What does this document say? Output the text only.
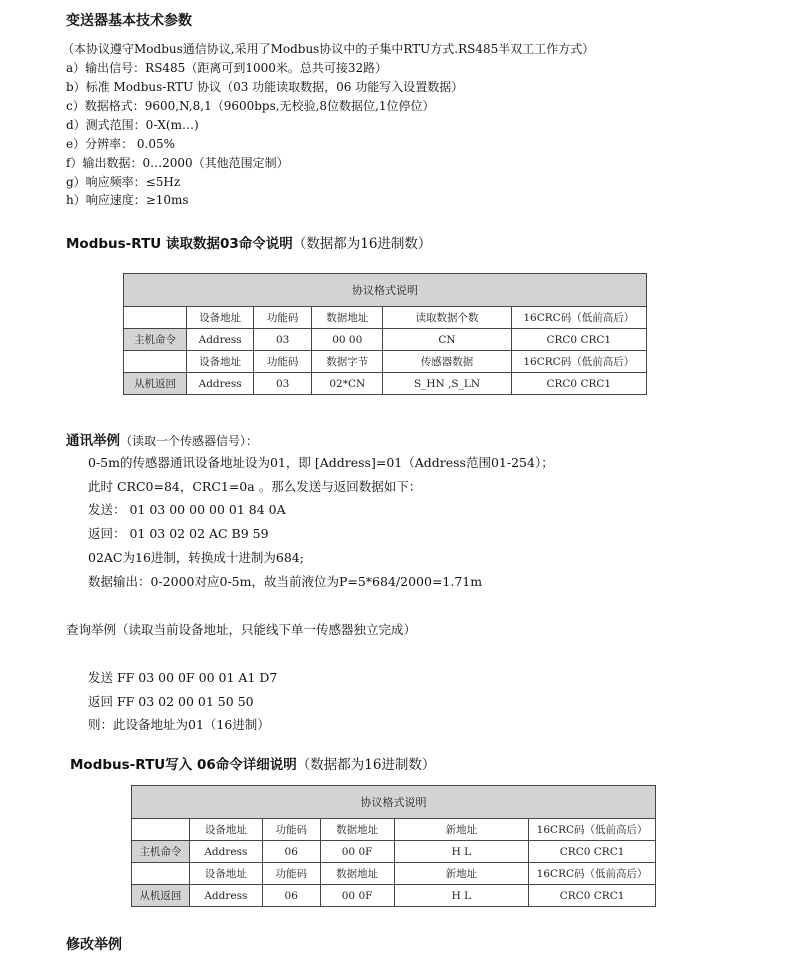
变送器基本技术参数
（本协议遵守Modbus通信协议,采用了Modbus协议中的子集中RTU方式.RS485半双工工作方式）
a）输出信号：RS485（距离可到1000米。总共可接32路）
b）标准 Modbus-RTU 协议（03 功能读取数据，06 功能写入设置数据）
c）数据格式：9600,N,8,1（9600bps,无校验,8位数据位,1位停位）
d）测式范围：0-X(m…)
e）分辨率： 0.05%
f）输出数据：0…2000（其他范围定制）
g）响应频率：≤5Hz
h）响应速度：≥10ms
Modbus-RTU 读取数据03命令说明（数据都为16进制数）
协议格式说明					
	设备地址	功能码	数据地址	读取数据个数	16CRC码（低前高后）
主机命令	Address	03	00 00	CN	CRC0 CRC1
	设备地址	功能码	数据字节	传感器数据	16CRC码（低前高后）
从机返回	Address	03	02*CN	S_HN ,S_LN	CRC0 CRC1
通讯举例（读取一个传感器信号）：
0-5m的传感器通讯设备地址设为01，即 [Address]=01（Address范围01-254）；
此时 CRC0=84，CRC1=0a 。那么发送与返回数据如下：
发送： 01 03 00 00 00 01 84 0A
返回： 01 03 02 02 AC B9 59
02AC为16进制，转换成十进制为684;
数据输出：0-2000对应0-5m，故当前液位为P=5*684/2000=1.71m
查询举例（读取当前设备地址，只能线下单一传感器独立完成）
发送 FF 03 00 0F 00 01 A1 D7
返回 FF 03 02 00 01 50 50
则：此设备地址为01（16进制）
Modbus-RTU写入 06命令详细说明（数据都为16进制数）
协议格式说明					
	设备地址	功能码	数据地址	新地址	16CRC码（低前高后）
主机命令	Address	06	00 0F	H L	CRC0 CRC1
	设备地址	功能码	数据地址	新地址	16CRC码（低前高后）
从机返回	Address	06	00 0F	H L	CRC0 CRC1
修改举例
